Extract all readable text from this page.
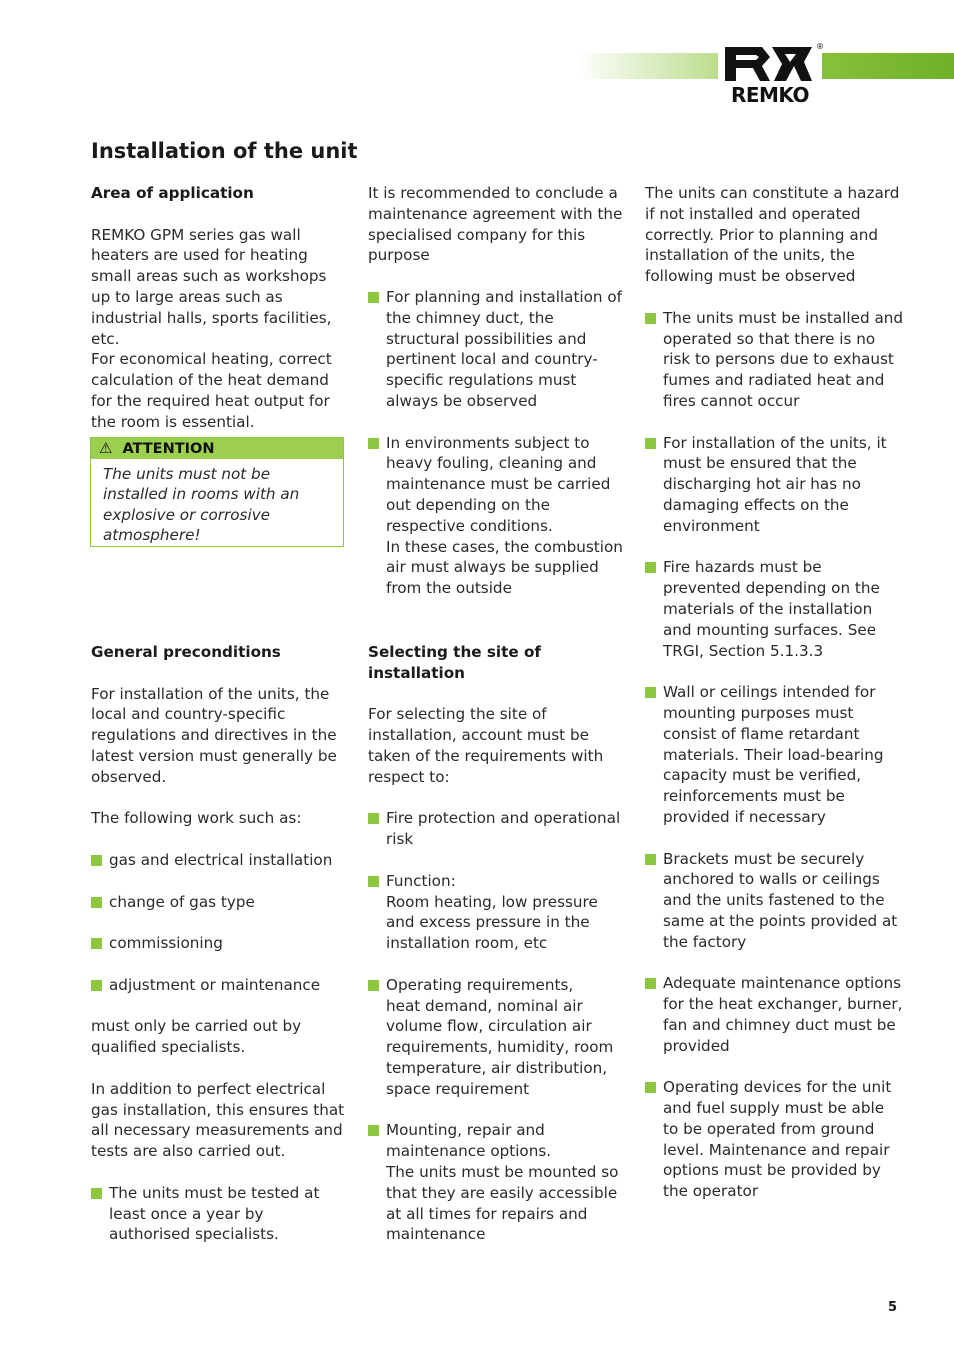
REMKO
®
Installation of the unit
Area of application

REMKO GPM series gas wall heaters are used for heating small areas such as workshops up to large areas such as industrial halls, sports facilities, etc.

For economical heating, correct calculation of the heat demand for the required heat output for the room is essential.

⚠ ATTENTION
The units must not be installed in rooms with an explosive or corrosive atmosphere!
General preconditions

For installation of the units, the local and country-specific regulations and directives in the latest version must generally be observed.

The following work such as:

gas and electrical installation
change of gas type
commissioning
adjustment or maintenance

must only be carried out by qualified specialists.

In addition to perfect electrical gas installation, this ensures that all necessary measurements and tests are also carried out.

The units must be tested at least once a year by authorised specialists.

It is recommended to conclude a maintenance agreement with the specialised company for this purpose

For planning and installation of the chimney duct, the structural possibilities and pertinent local and country-specific regulations must always be observed
In environments subject to heavy fouling, cleaning and maintenance must be carried out depending on the respective conditions.
In these cases, the combustion air must always be supplied from the outside
Selecting the site of installation

For selecting the site of installation, account must be taken of the requirements with respect to:

Fire protection and operational risk
Function:
Room heating, low pressure and excess pressure in the installation room, etc
Operating requirements,
heat demand, nominal air volume flow, circulation air requirements, humidity, room temperature, air distribution, space requirement
Mounting, repair and maintenance options.
The units must be mounted so that they are easily accessible at all times for repairs and maintenance

The units can constitute a hazard if not installed and operated correctly. Prior to planning and installation of the units, the following must be observed

The units must be installed and operated so that there is no risk to persons due to exhaust fumes and radiated heat and fires cannot occur
For installation of the units, it must be ensured that the discharging hot air has no damaging effects on the environment
Fire hazards must be prevented depending on the materials of the installation and mounting surfaces. See TRGI, Section 5.1.3.3
Wall or ceilings intended for mounting purposes must consist of flame retardant materials. Their load-bearing capacity must be verified, reinforcements must be provided if necessary
Brackets must be securely anchored to walls or ceilings and the units fastened to the same at the points provided at the factory
Adequate maintenance options for the heat exchanger, burner, fan and chimney duct must be provided
Operating devices for the unit and fuel supply must be able to be operated from ground level. Maintenance and repair options must be provided by the operator
5
